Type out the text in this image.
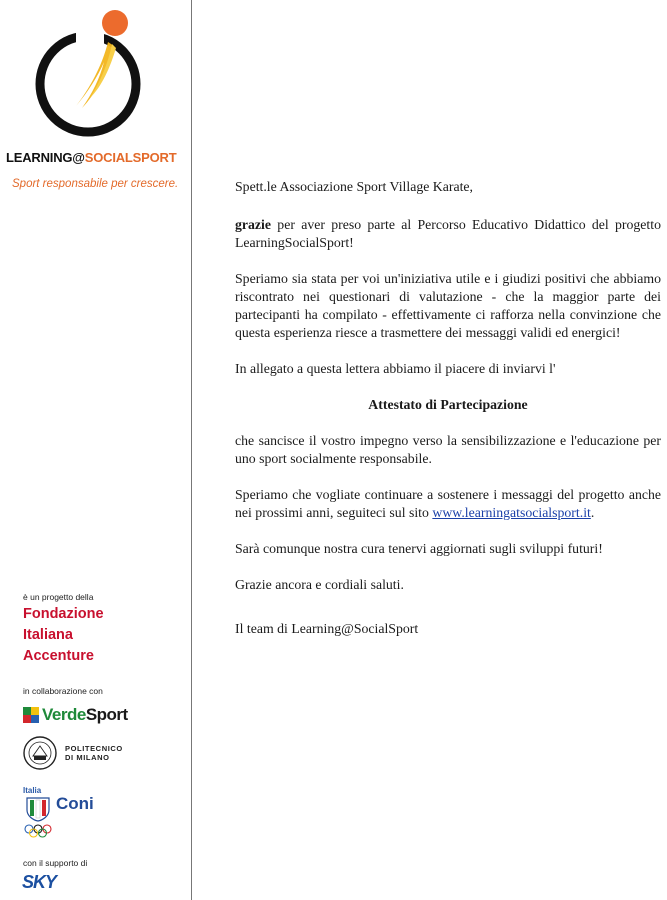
LEARNING@SOCIALSPORT
Sport responsabile per crescere.
è un progetto della
Fondazione
Italiana
Accenture
in collaborazione con
VerdeSport
POLITECNICO
DI MILANO
Italia
Coni
con il supporto di
SKY

Spett.le Associazione Sport Village Karate,

grazie per aver preso parte al Percorso Educativo Didattico del progetto LearningSocialSport!

Speriamo sia stata per voi un'iniziativa utile e i giudizi positivi che abbiamo riscontrato nei questionari di valutazione - che la maggior parte dei partecipanti ha compilato - effettivamente ci rafforza nella convinzione che questa esperienza riesce a trasmettere dei messaggi validi ed energici!

In allegato a questa lettera abbiamo il piacere di inviarvi l'

Attestato di Partecipazione

che sancisce il vostro impegno verso la sensibilizzazione e l'educazione per uno sport socialmente responsabile.

Speriamo che vogliate continuare a sostenere i messaggi del progetto anche nei prossimi anni, seguiteci sul sito www.learningatsocialsport.it.

Sarà comunque nostra cura tenervi aggiornati sugli sviluppi futuri!

Grazie ancora e cordiali saluti.

Il team di Learning@SocialSport
